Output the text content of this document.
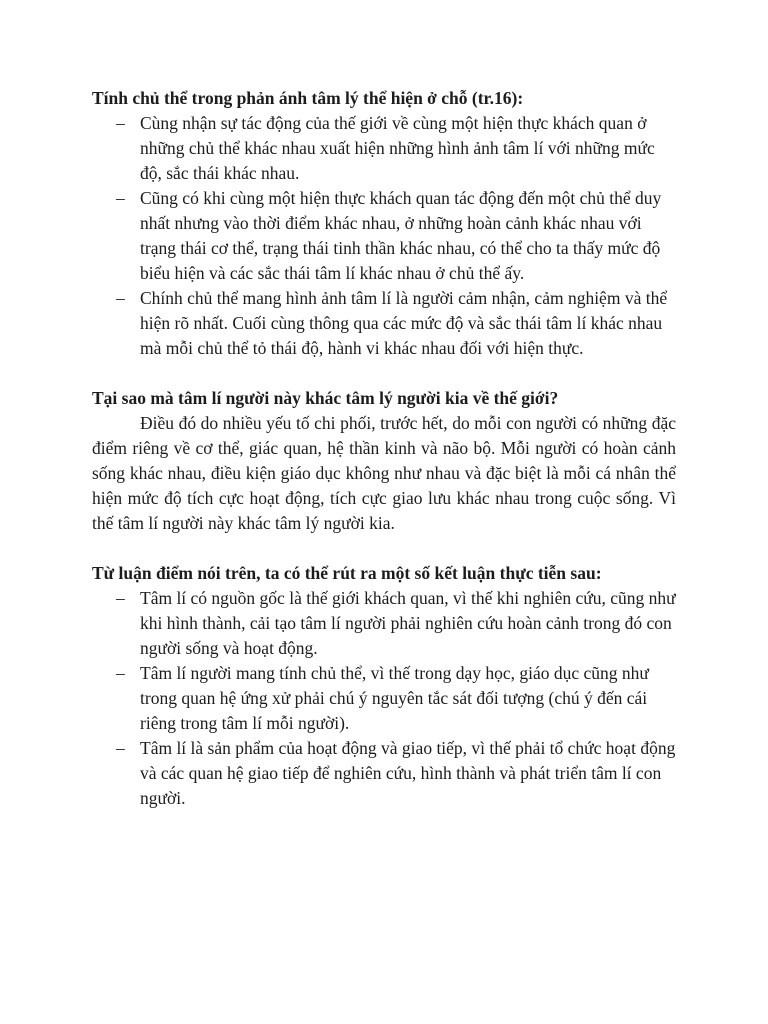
Tính chủ thể trong phản ánh tâm lý thể hiện ở chỗ (tr.16):

– Cùng nhận sự tác động của thế giới về cùng một hiện thực khách quan ở những chủ thể khác nhau xuất hiện những hình ảnh tâm lí với những mức độ, sắc thái khác nhau.
– Cũng có khi cùng một hiện thực khách quan tác động đến một chủ thể duy nhất nhưng vào thời điểm khác nhau, ở những hoàn cảnh khác nhau với trạng thái cơ thể, trạng thái tinh thần khác nhau, có thể cho ta thấy mức độ biểu hiện và các sắc thái tâm lí khác nhau ở chủ thể ấy.
– Chính chủ thể mang hình ảnh tâm lí là người cảm nhận, cảm nghiệm và thể hiện rõ nhất. Cuối cùng thông qua các mức độ và sắc thái tâm lí khác nhau mà mỗi chủ thể tỏ thái độ, hành vi khác nhau đối với hiện thực.

Tại sao mà tâm lí người này khác tâm lý người kia về thế giới?

Điều đó do nhiều yếu tố chi phối, trước hết, do mỗi con người có những đặc điểm riêng về cơ thể, giác quan, hệ thần kinh và não bộ. Mỗi người có hoàn cảnh sống khác nhau, điều kiện giáo dục không như nhau và đặc biệt là mỗi cá nhân thể hiện mức độ tích cực hoạt động, tích cực giao lưu khác nhau trong cuộc sống. Vì thế tâm lí người này khác tâm lý người kia.

Từ luận điểm nói trên, ta có thể rút ra một số kết luận thực tiễn sau:

– Tâm lí có nguồn gốc là thế giới khách quan, vì thế khi nghiên cứu, cũng như khi hình thành, cải tạo tâm lí người phải nghiên cứu hoàn cảnh trong đó con người sống và hoạt động.
– Tâm lí người mang tính chủ thể, vì thế trong dạy học, giáo dục cũng như trong quan hệ ứng xử phải chú ý nguyên tắc sát đối tượng (chú ý đến cái riêng trong tâm lí mỗi người).
– Tâm lí là sản phẩm của hoạt động và giao tiếp, vì thế phải tổ chức hoạt động và các quan hệ giao tiếp để nghiên cứu, hình thành và phát triển tâm lí con người.
